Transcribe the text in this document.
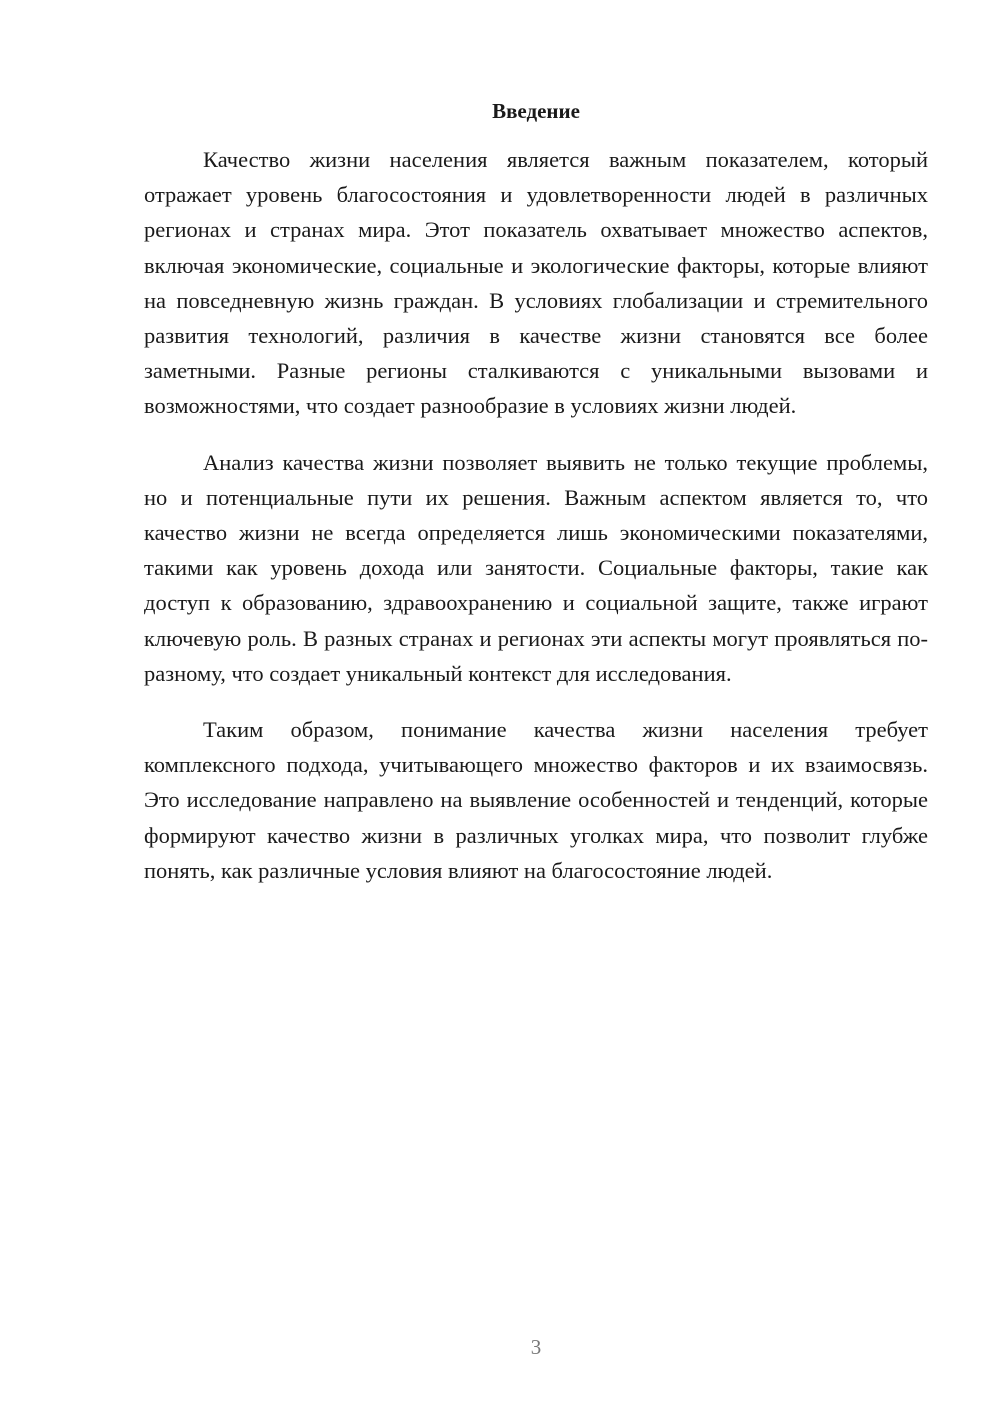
Введение

Качество жизни населения является важным показателем, который отражает уровень благосостояния и удовлетворенности людей в различных регионах и странах мира. Этот показатель охватывает множество аспектов, включая экономические, социальные и экологические факторы, которые влияют на повседневную жизнь граждан. В условиях глобализации и стремительного развития технологий, различия в качестве жизни становятся все более заметными. Разные регионы сталкиваются с уникальными вызовами и возможностями, что создает разнообразие в условиях жизни людей.

Анализ качества жизни позволяет выявить не только текущие проблемы, но и потенциальные пути их решения. Важным аспектом является то, что качество жизни не всегда определяется лишь экономическими показателями, такими как уровень дохода или занятости. Социальные факторы, такие как доступ к образованию, здравоохранению и социальной защите, также играют ключевую роль. В разных странах и регионах эти аспекты могут проявляться по-разному, что создает уникальный контекст для исследования.

Таким образом, понимание качества жизни населения требует комплексного подхода, учитывающего множество факторов и их взаимосвязь. Это исследование направлено на выявление особенностей и тенденций, которые формируют качество жизни в различных уголках мира, что позволит глубже понять, как различные условия влияют на благосостояние людей.

3
